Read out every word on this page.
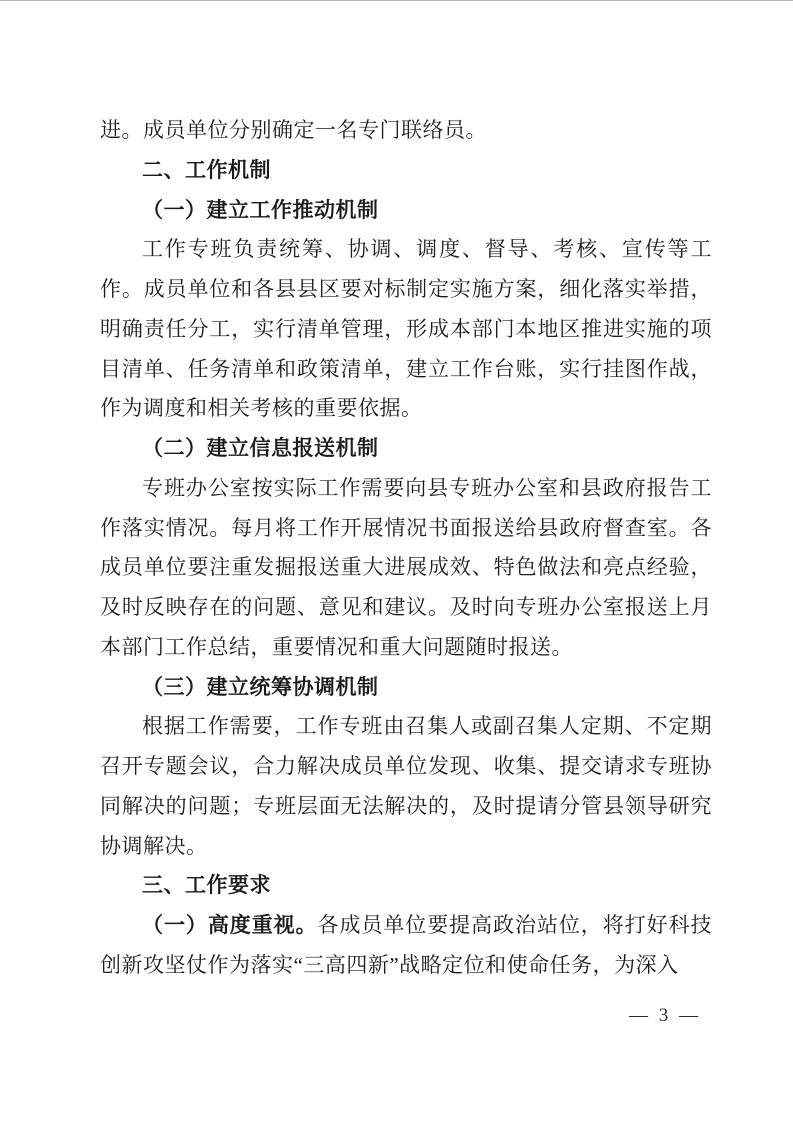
进。成员单位分别确定一名专门联络员。

二、工作机制

（一）建立工作推动机制

工作专班负责统筹、协调、调度、督导、考核、宣传等工作。成员单位和各县县区要对标制定实施方案，细化落实举措，明确责任分工，实行清单管理，形成本部门本地区推进实施的项目清单、任务清单和政策清单，建立工作台账，实行挂图作战，作为调度和相关考核的重要依据。

（二）建立信息报送机制

专班办公室按实际工作需要向县专班办公室和县政府报告工作落实情况。每月将工作开展情况书面报送给县政府督查室。各成员单位要注重发掘报送重大进展成效、特色做法和亮点经验，及时反映存在的问题、意见和建议。及时向专班办公室报送上月本部门工作总结，重要情况和重大问题随时报送。

（三）建立统筹协调机制

根据工作需要，工作专班由召集人或副召集人定期、不定期召开专题会议，合力解决成员单位发现、收集、提交请求专班协同解决的问题；专班层面无法解决的，及时提请分管县领导研究协调解决。

三、工作要求

（一）高度重视。各成员单位要提高政治站位，将打好科技创新攻坚仗作为落实“三高四新”战略定位和使命任务，为深入

— 3 —
